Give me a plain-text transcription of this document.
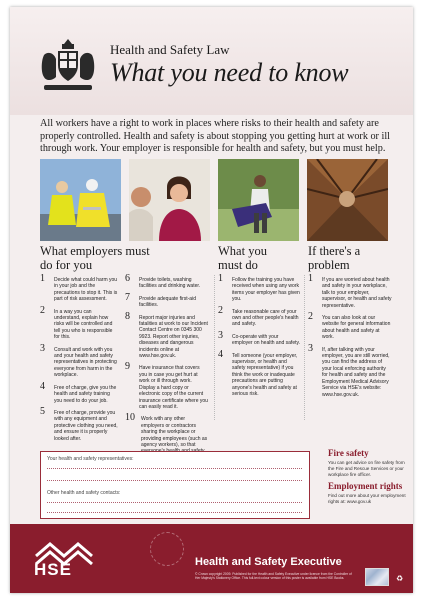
Health and Safety Law
What you need to know
All workers have a right to work in places where risks to their health and safety are properly controlled. Health and safety is about stopping you getting hurt at work or ill through work. Your employer is responsible for health and safety, but you must help.
What employers must do for you
What you must do
If there's a problem
1 Decide what could harm you in your job and the precautions to stop it. This is part of risk assessment.
2 In a way you can understand, explain how risks will be controlled and tell you who is responsible for this.
3 Consult and work with you and your health and safety representatives in protecting everyone from harm in the workplace.
4 Free of charge, give you the health and safety training you need to do your job.
5 Free of charge, provide you with any equipment and protective clothing you need, and ensure it is properly looked after.
6 Provide toilets, washing facilities and drinking water.
7 Provide adequate first-aid facilities.
8 Report major injuries and fatalities at work to our Incident Contact Centre on 0345 300 9923. Report other injuries, diseases and dangerous incidents online at www.hse.gov.uk.
9 Have insurance that covers you in case you get hurt at work or ill through work. Display a hard copy or electronic copy of the current insurance certificate where you can easily read it.
10 Work with any other employers or contractors sharing the workplace or providing employees (such as agency workers), so that
1 Follow the training you have received when using any work items your employer has given you.
2 Take reasonable care of your own and other people's health and safety.
3 Co-operate with your employer on health and safety.
4 Tell someone (your employer, supervisor, or health and safety representative) if you think the work or inadequate precautions are putting anyone's health and safety at serious risk.
1 If you are worried about health and safety in your workplace, talk to your employer, supervisor, or health and safety representative.
2 You can also look at our website for general information about health and safety at work.
3 If, after talking with your employer, you are still worried, you can find the address of your local enforcing authority for health and safety and the Employment Medical Advisory Service via HSE's website: www.hse.gov.uk.
Your health and safety representatives:
Other health and safety contacts:
Fire safety
You can get advice on fire safety from the Fire and Rescue Services or your workplace fire officer.
Employment rights
Find out more about your employment rights at: www.gov.uk
HSE	Health and Safety Executive
© Crown copyright 2009. Published for the Health and Safety Executive under licence from the Controller of Her Majesty's Stationery Office. This full-text colour version of this poster is available from HSE Books.	♻
